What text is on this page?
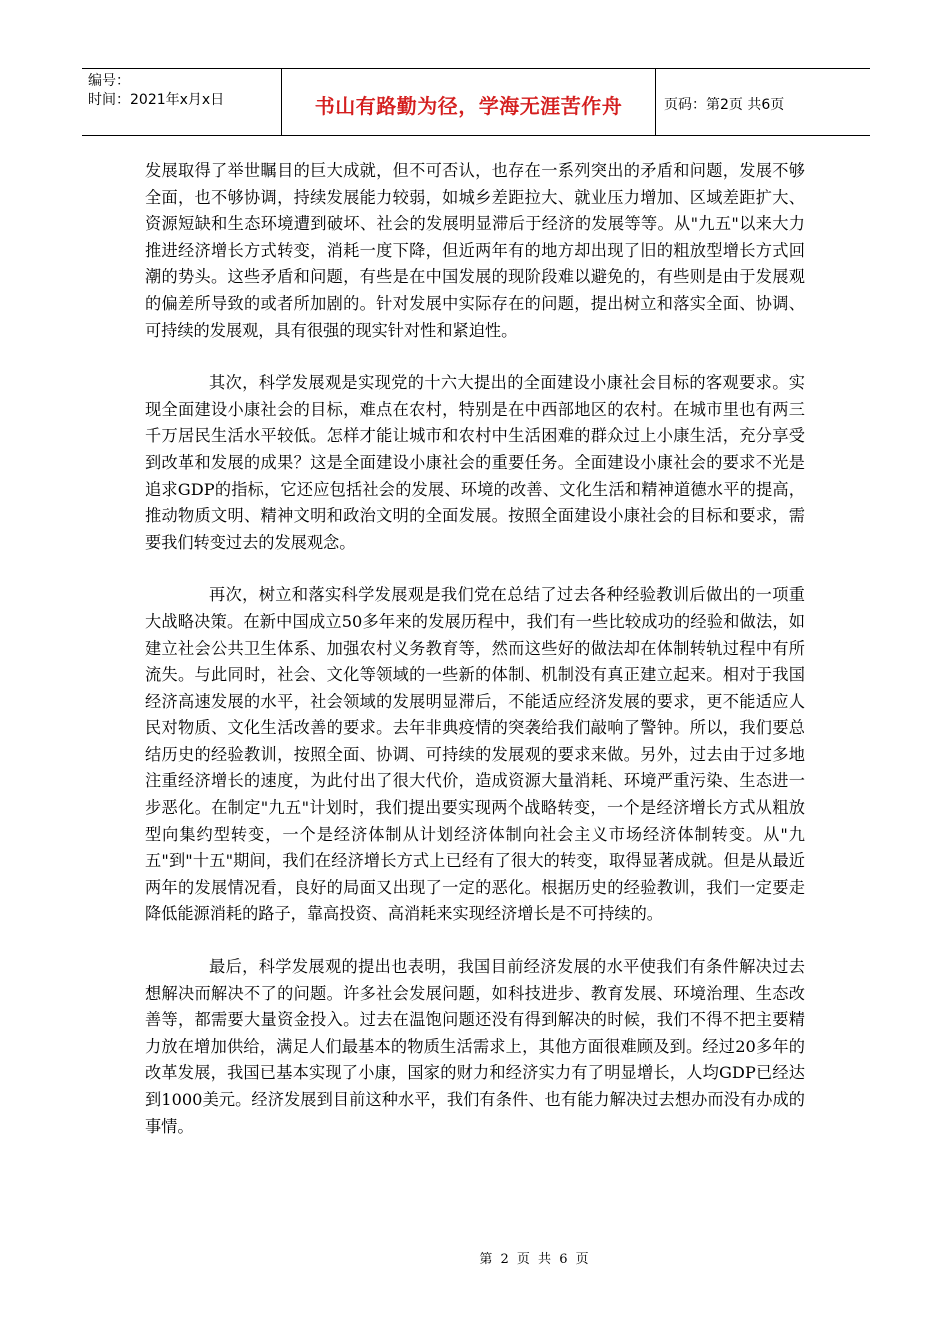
编号：
时间：2021年x月x日	书山有路勤为径，学海无涯苦作舟	页码：第2页 共6页

发展取得了举世瞩目的巨大成就，但不可否认，也存在一系列突出的矛盾和问题，发展不够全面，也不够协调，持续发展能力较弱，如城乡差距拉大、就业压力增加、区域差距扩大、资源短缺和生态环境遭到破坏、社会的发展明显滞后于经济的发展等等。从"九五"以来大力推进经济增长方式转变，消耗一度下降，但近两年有的地方却出现了旧的粗放型增长方式回潮的势头。这些矛盾和问题，有些是在中国发展的现阶段难以避免的，有些则是由于发展观的偏差所导致的或者所加剧的。针对发展中实际存在的问题，提出树立和落实全面、协调、可持续的发展观，具有很强的现实针对性和紧迫性。

其次，科学发展观是实现党的十六大提出的全面建设小康社会目标的客观要求。实现全面建设小康社会的目标，难点在农村，特别是在中西部地区的农村。在城市里也有两三千万居民生活水平较低。怎样才能让城市和农村中生活困难的群众过上小康生活，充分享受到改革和发展的成果？这是全面建设小康社会的重要任务。全面建设小康社会的要求不光是追求GDP的指标，它还应包括社会的发展、环境的改善、文化生活和精神道德水平的提高，推动物质文明、精神文明和政治文明的全面发展。按照全面建设小康社会的目标和要求，需要我们转变过去的发展观念。

再次，树立和落实科学发展观是我们党在总结了过去各种经验教训后做出的一项重大战略决策。在新中国成立50多年来的发展历程中，我们有一些比较成功的经验和做法，如建立社会公共卫生体系、加强农村义务教育等，然而这些好的做法却在体制转轨过程中有所流失。与此同时，社会、文化等领域的一些新的体制、机制没有真正建立起来。相对于我国经济高速发展的水平，社会领域的发展明显滞后，不能适应经济发展的要求，更不能适应人民对物质、文化生活改善的要求。去年非典疫情的突袭给我们敲响了警钟。所以，我们要总结历史的经验教训，按照全面、协调、可持续的发展观的要求来做。另外，过去由于过多地注重经济增长的速度，为此付出了很大代价，造成资源大量消耗、环境严重污染、生态进一步恶化。在制定"九五"计划时，我们提出要实现两个战略转变，一个是经济增长方式从粗放型向集约型转变，一个是经济体制从计划经济体制向社会主义市场经济体制转变。从"九五"到"十五"期间，我们在经济增长方式上已经有了很大的转变，取得显著成就。但是从最近两年的发展情况看，良好的局面又出现了一定的恶化。根据历史的经验教训，我们一定要走降低能源消耗的路子，靠高投资、高消耗来实现经济增长是不可持续的。

最后，科学发展观的提出也表明，我国目前经济发展的水平使我们有条件解决过去想解决而解决不了的问题。许多社会发展问题，如科技进步、教育发展、环境治理、生态改善等，都需要大量资金投入。过去在温饱问题还没有得到解决的时候，我们不得不把主要精力放在增加供给，满足人们最基本的物质生活需求上，其他方面很难顾及到。经过20多年的改革发展，我国已基本实现了小康，国家的财力和经济实力有了明显增长，人均GDP已经达到1000美元。经济发展到目前这种水平，我们有条件、也有能力解决过去想办而没有办成的事情。

第 2 页 共 6 页
